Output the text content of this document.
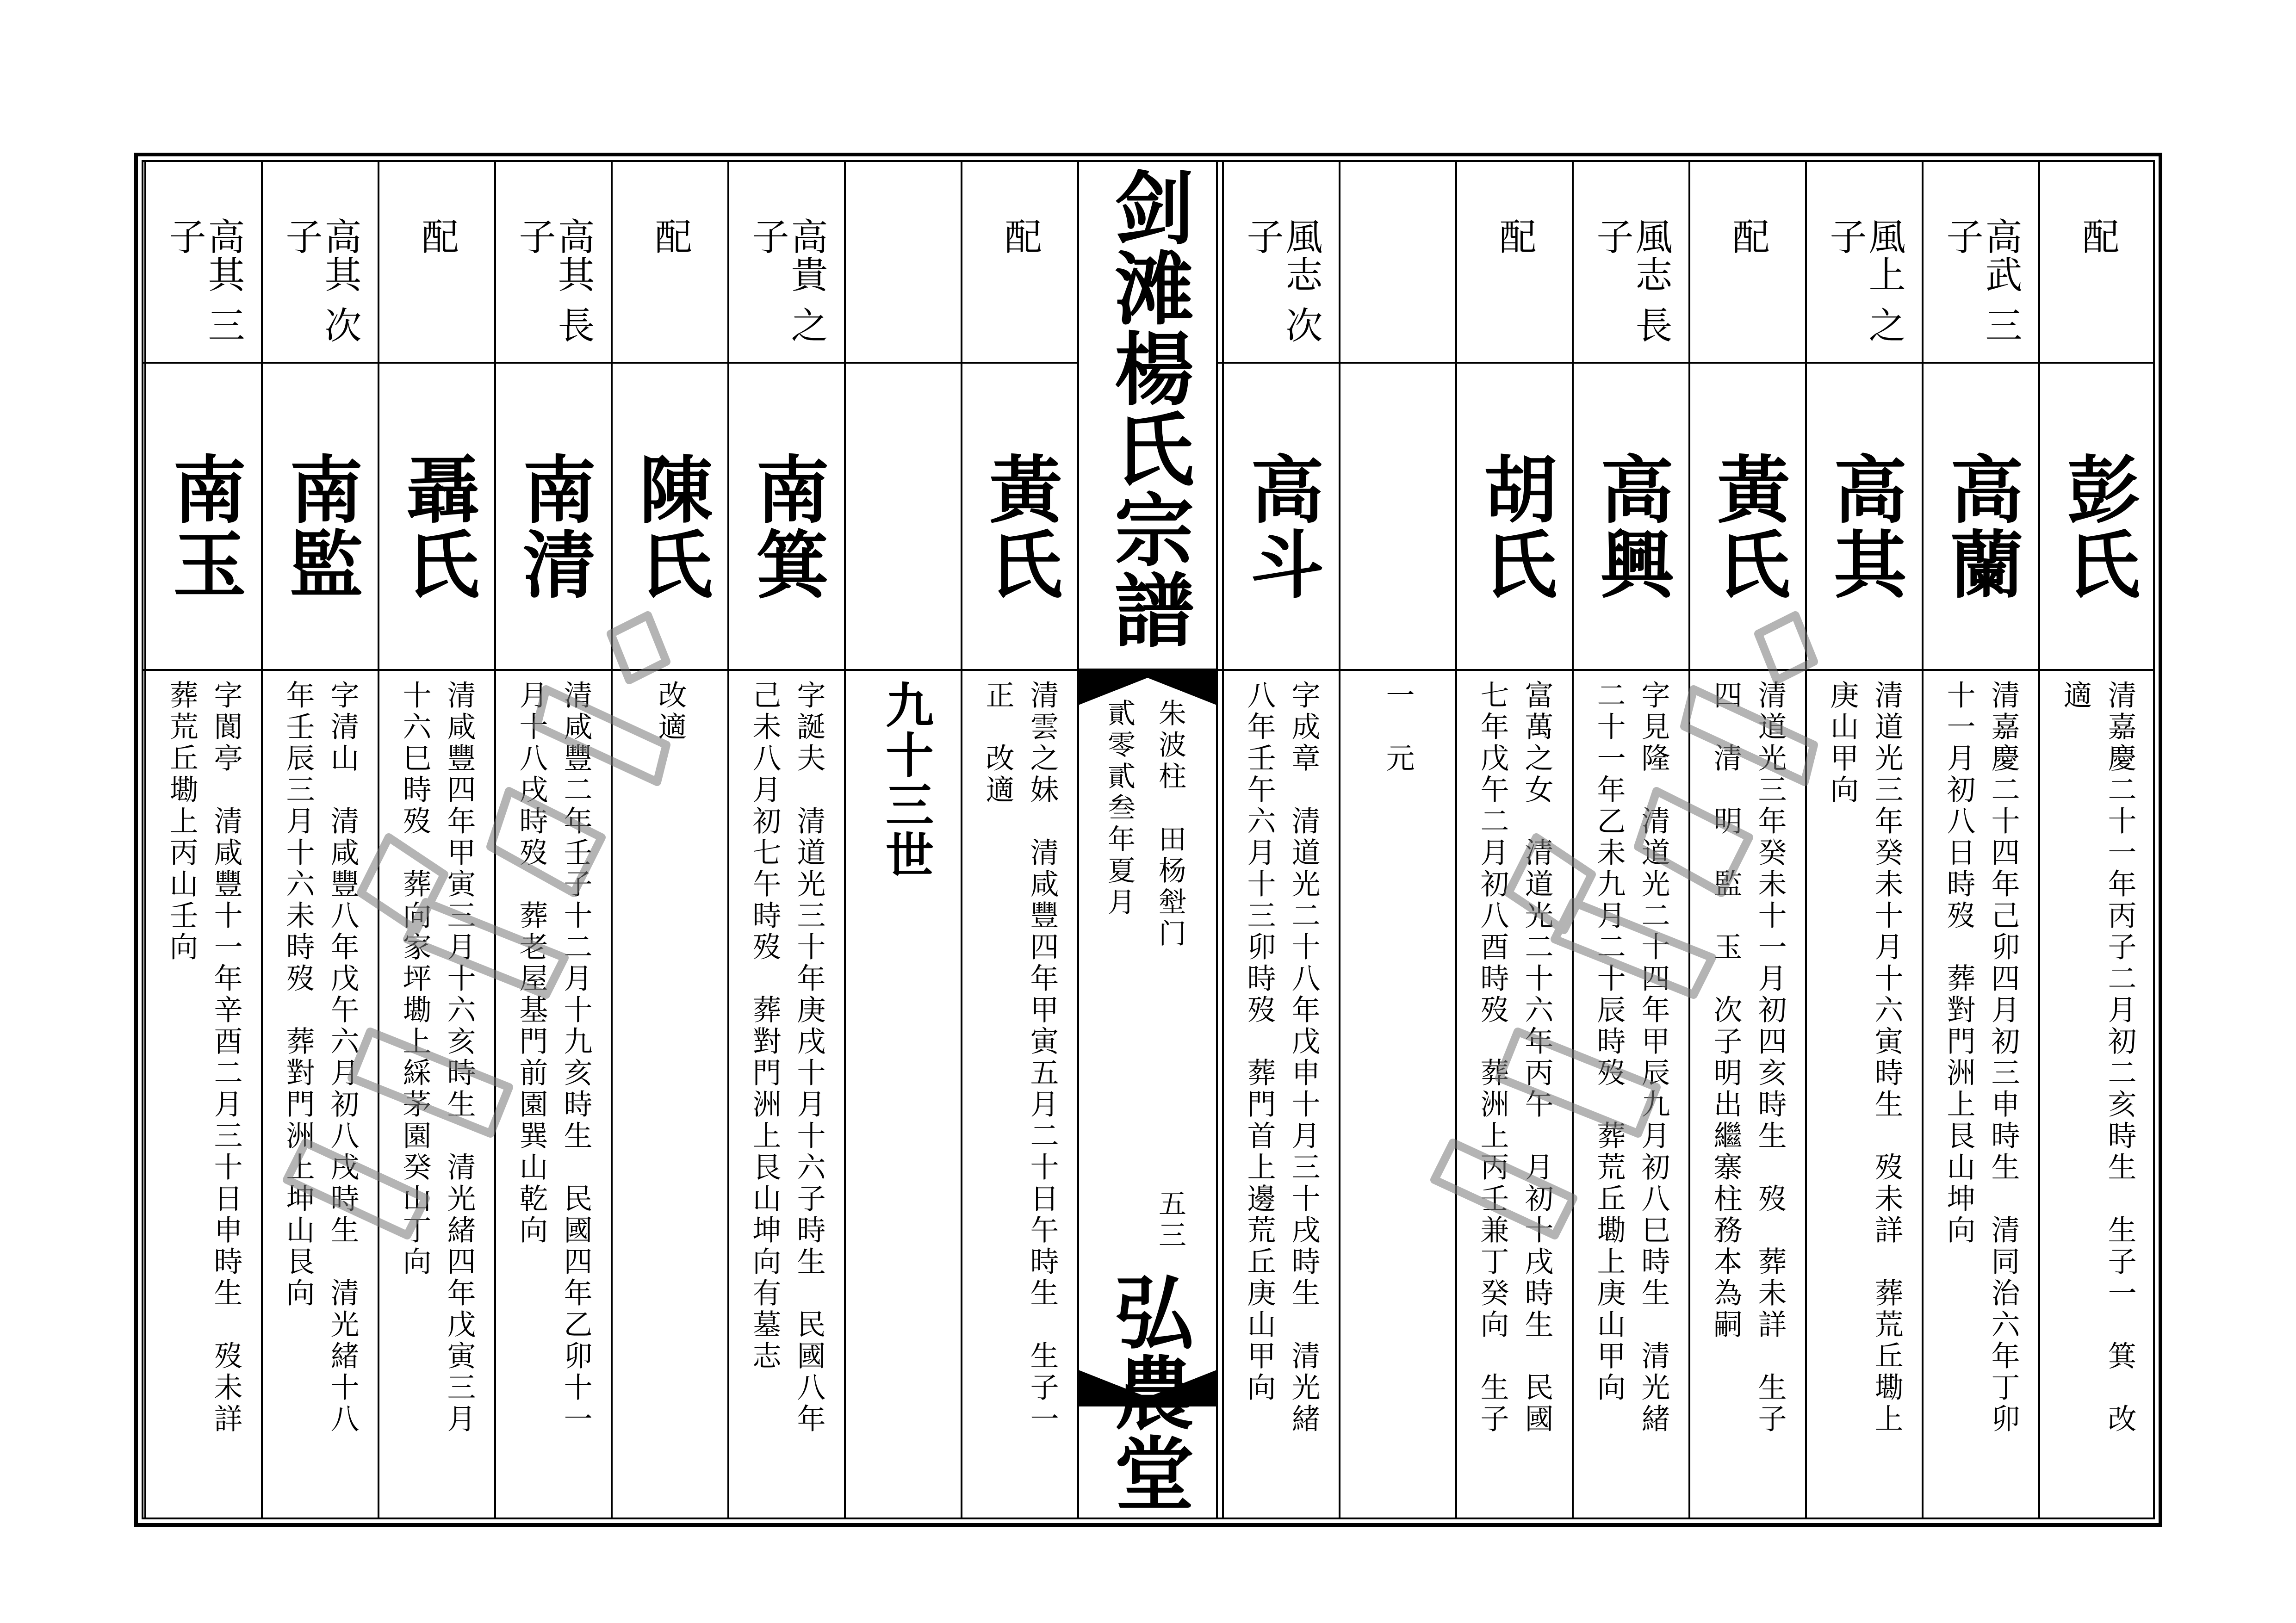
配
彭氏
清嘉慶二十一年丙子二月初二亥時生　生子一　箕　改
適
高武 三子
高蘭
清嘉慶二十四年己卯四月初三申時生　清同治六年丁卯
十一月初八日時歿　葬對門洲上艮山坤向
風上 之子
高其
清道光三年癸未十月十六寅時生　歿未詳　葬荒丘墈上
庚山甲向
配
黃氏
清道光三年癸未十一月初四亥時生　歿　葬未詳　生子
四　清　明　監　玉　次子明出繼寨柱務本為嗣
風志 長子
高興
字見隆　清道光二十四年甲辰九月初八巳時生　清光緒
二十一年乙未九月二十辰時歿　葬荒丘墈上庚山甲向
配
胡氏
富萬之女　清道光二十六年丙午　月初十戌時生　民國
七年戊午二月初八酉時歿　葬洲上丙壬兼丁癸向　生子
一　元
風志 次子
高斗
字成章　清道光二十八年戊申十月三十戌時生　清光緒
八年壬午六月十三卯時歿　葬門首上邊荒丘庚山甲向
配
黃氏
清雲之妹　清咸豐四年甲寅五月二十日午時生　生子一
正　改適
高貴 之子
南箕
字誕夫　清道光三十年庚戌十月十六子時生　民國八年
己未八月初七午時歿　葬對門洲上艮山坤向有墓志
配
陳氏
改適
高其 長子
南清
清咸豐二年壬子十二月十九亥時生　民國四年乙卯十一
月十八戌時歿　葬老屋基門前園巽山乾向
配
聶氏
清咸豐四年甲寅三月十六亥時生　清光緒四年戊寅三月
十六巳時歿　葬向家坪墈上綵茅園癸山丁向
高其 次子
南監
字清山　清咸豐八年戊午六月初八戌時生　清光緒十八
年壬辰三月十六未時歿　葬對門洲上坤山艮向
高其 三子
南玉
字閬亭　清咸豐十一年辛酉二月三十日申時生　歿未詳
葬荒丘墈上丙山壬向
剑滩楊氏宗譜
朱波柱　田杨㙦门
貳零貳叁年夏月
五三
弘農堂
九十三世
